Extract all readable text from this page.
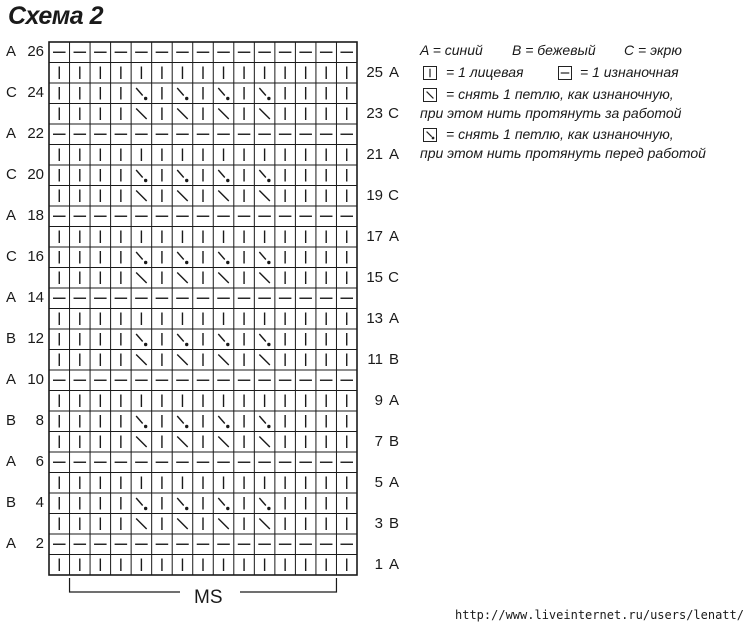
Схема 2
1 A
A 2
3 B
B 4
5 A
A 6
7 B
B 8
9 A
A 10
11 B
B 12
13 A
A 14
15 C
C 16
17 A
A 18
19 C
C 20
21 A
A 22
23 C
C 24
25 A
A 26
MS
A = синий B = бежевый C = экрю
= 1 лицевая	= 1 изнаночная
= снять 1 петлю, как изнаночную,
при этом нить протянуть за работой
= снять 1 петлю, как изнаночную,
при этом нить протянуть перед работой
http://www.liveinternet.ru/users/lenatt/
